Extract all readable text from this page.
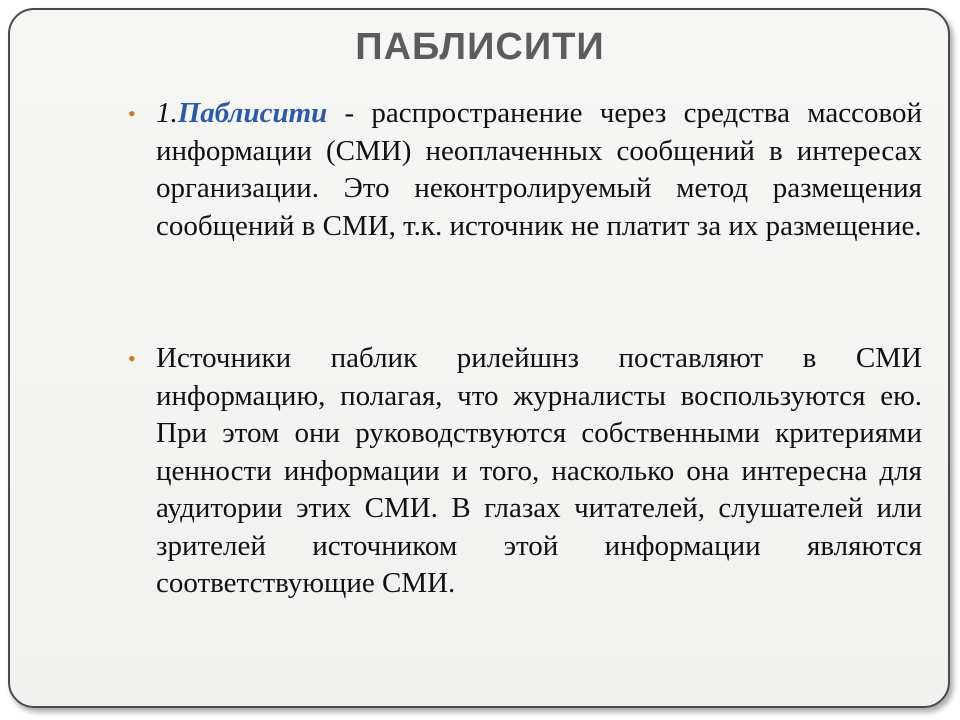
ПАБЛИСИТИ
• 1.Паблисити - распространение через средства массовой информации (СМИ) неоплаченных сообщений в интересах организации. Это неконтролируемый метод размещения сообщений в СМИ, т.к. источник не платит за их размещение.

• Источники паблик рилейшнз поставляют в СМИ информацию, полагая, что журналисты воспользуются ею. При этом они руководствуются собственными критериями ценности информации и того, насколько она интересна для аудитории этих СМИ. В глазах читателей, слушателей или зрителей источником этой информации являются соответствующие СМИ.
